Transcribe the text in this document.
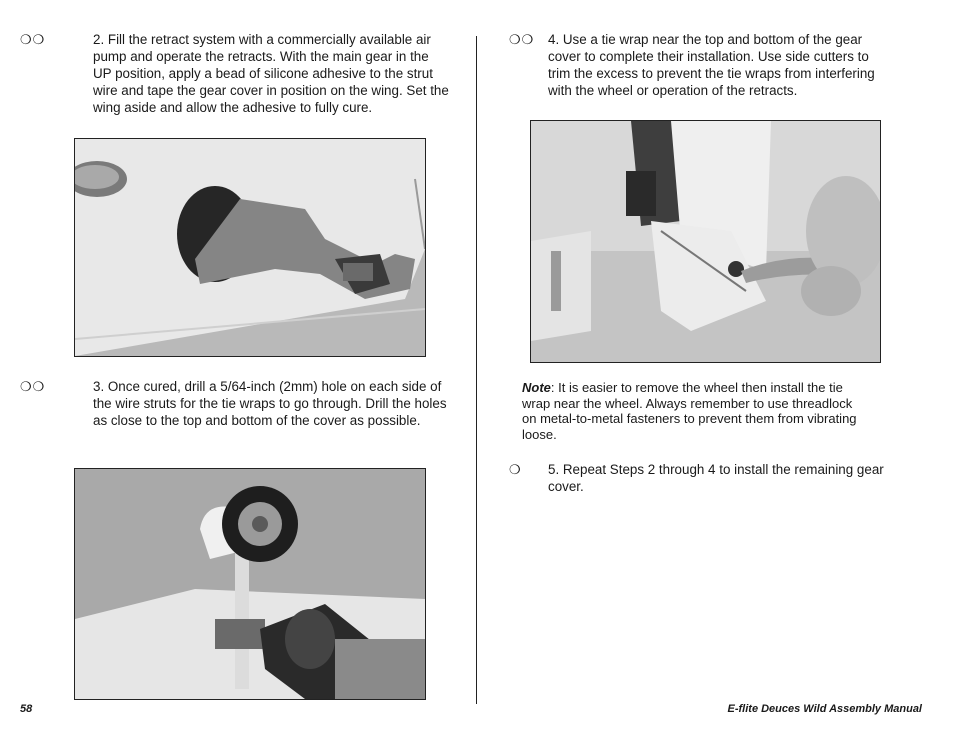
❍❍	2. Fill the retract system with a commercially available air pump and operate the retracts. With the main gear in the UP position, apply a bead of silicone adhesive to the strut wire and tape the gear cover in position on the wing. Set the wing aside and allow the adhesive to fully cure.
❍❍	3. Once cured, drill a 5/64-inch (2mm) hole on each side of the wire struts for the tie wraps to go through. Drill the holes as close to the top and bottom of the cover as possible.
❍❍ 4. Use a tie wrap near the top and bottom of the gear cover to complete their installation. Use side cutters to trim the excess to prevent the tie wraps from interfering with the wheel or operation of the retracts.
Note: It is easier to remove the wheel then install the tie wrap near the wheel. Always remember to use threadlock on metal-to-metal fasteners to prevent them from vibrating loose.
❍ 5. Repeat Steps 2 through 4 to install the remaining gear cover.
58	E-flite Deuces Wild Assembly Manual
